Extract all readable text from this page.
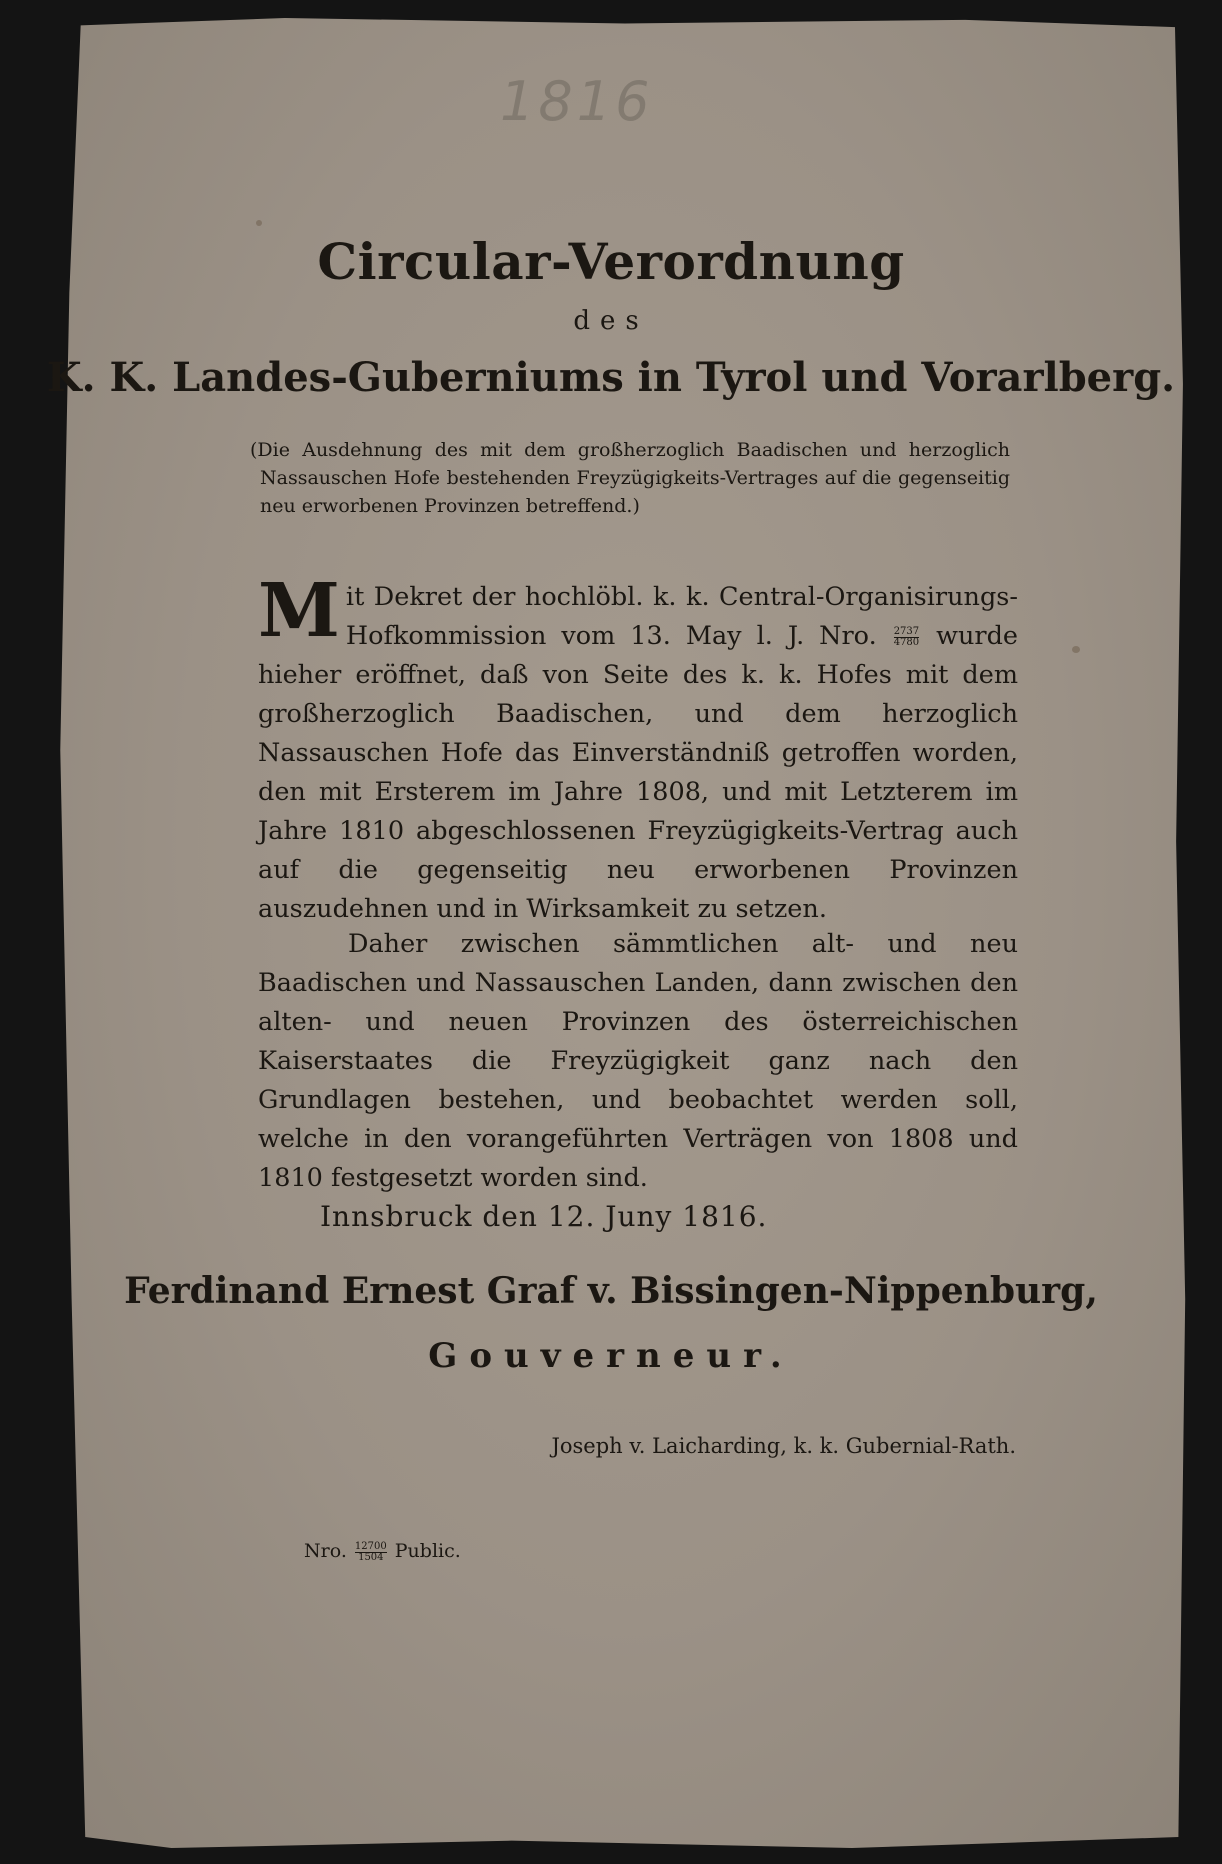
1816
Circular-Verordnung
des
K. K. Landes-Guberniums in Tyrol und Vorarlberg.

(Die Ausdehnung des mit dem großherzoglich Baadischen und herzoglich Nassauschen Hofe bestehenden Freyzügigkeits-Vertrages auf die gegenseitig neu erworbenen Provinzen betreffend.)

Mit Dekret der hochlöbl. k. k. Central-Organisirungs-Hofkommission vom 13. May l. J. Nro. $\frac{2737}{4780}$ wurde hieher eröffnet, daß von Seite des k. k. Hofes mit dem großherzoglich Baadischen, und dem herzoglich Nassauschen Hofe das Einverständniß getroffen worden, den mit Ersterem im Jahre 1808, und mit Letzterem im Jahre 1810 abgeschlossenen Freyzügigkeits-Vertrag auch auf die gegenseitig neu erworbenen Provinzen auszudehnen und in Wirksamkeit zu setzen.

Daher zwischen sämmtlichen alt- und neu Baadischen und Nassauschen Landen, dann zwischen den alten- und neuen Provinzen des österreichischen Kaiserstaates die Freyzügigkeit ganz nach den Grundlagen bestehen, und beobachtet werden soll, welche in den vorangeführten Verträgen von 1808 und 1810 festgesetzt worden sind.

Innsbruck den 12. Juny 1816.
Ferdinand Ernest Graf v. Bissingen-Nippenburg,
Gouverneur.
Joseph v. Laicharding, k. k. Gubernial-Rath.
Nro. $\frac{12700}{1504}$ Public.
